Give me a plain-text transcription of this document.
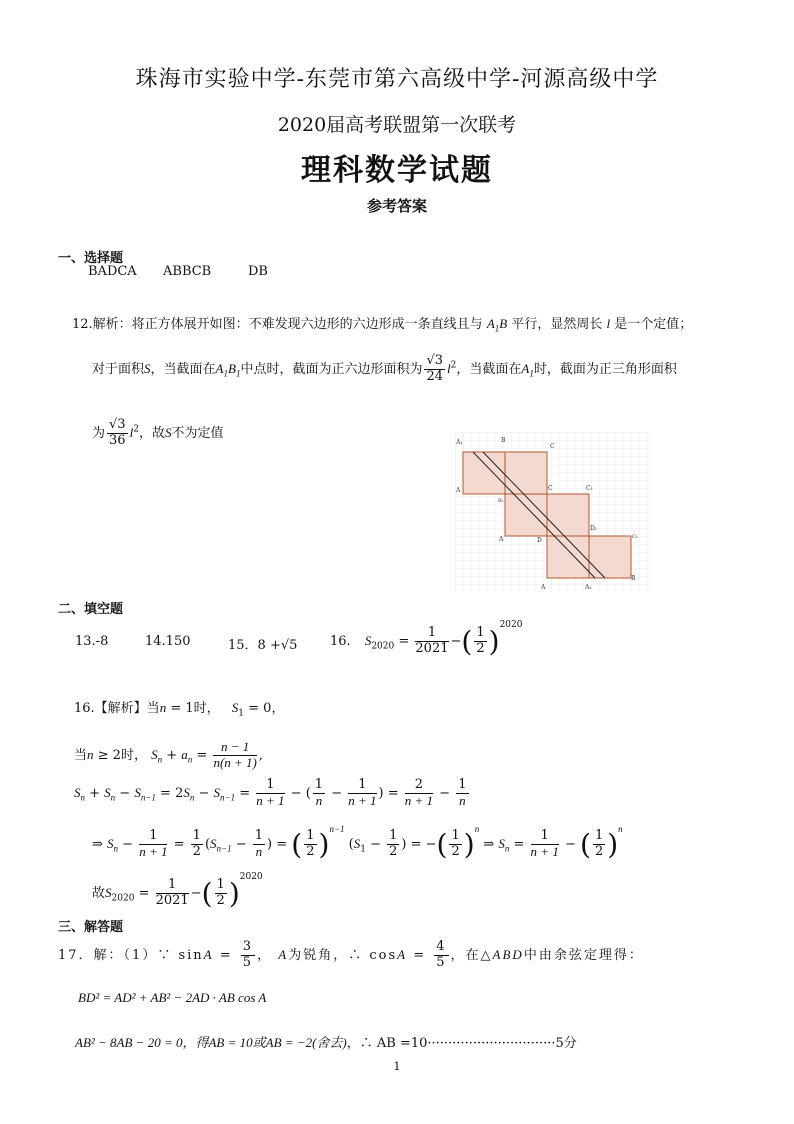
珠海市实验中学-东莞市第六高级中学-河源高级中学
2020届高考联盟第一次联考
理科数学试题
参考答案
一、选择题
BADCA ABBCB	DB
12.解析：将正方体展开如图：不难发现六边形的六边形成一条直线且与 $A_1B$ 平行，显然周长 l 是一个定值；
对于面积S，当截面在$A_1B_1$中点时，截面为正六边形面积为 $\frac{√3}{24} l^2$，当截面在$A_1$时，截面为正三角形面积
为 $\frac{√3}{36} l^2$，故S不为定值
A₁	B
C
A	C	C₁
B₁
D₁
A	D	C₁
B
A	A₁
二、填空题
13.-8	14.150	15．8 +√5	16. $S_{2020} = \frac{1}{2021}$ −( $\frac{1}{2} )^{2020}$
16.【解析】当n = 1时， $S_1 = 0$，
当n ≥ 2时， $S_n + a_n = \frac{n - 1}{n(n + 1)}$ ,
$S_n + S_n - S_{n-1} = 2S_n - S_{n-1} = \frac{1}{n + 1}$ − ( $\frac{1}{n} - \frac{1}{n + 1}$ ) = $\frac{2}{n + 1} - \frac{1}{n}$
⇒ $S_n - \frac{1}{n + 1} = \frac{1}{2} (S_{n-1} - \frac{1}{n}$ ) = ( $\frac{1}{2} )^{n-1}$ ($S_1 - \frac{1}{2}$ ) = −( $\frac{1}{2} )^n$ ⇒ $S_n = \frac{1}{n + 1}$ − ( $\frac{1}{2} )^n$
故$S_{2020} = \frac{1}{2021}$ −( $\frac{1}{2} )^{2020}$
三、解答题
17．解：（1）∵ $\sin A = \frac{3}{5}$ ， A为锐角，∴ $\cos A = \frac{4}{5}$ ，在△ABD中由余弦定理得：
BD² = AD² + AB² − 2AD · AB cos A
AB² − 8AB − 20 = 0，得AB = 10或AB = −2(舍去)，∴ AB =10·······························5分
1
